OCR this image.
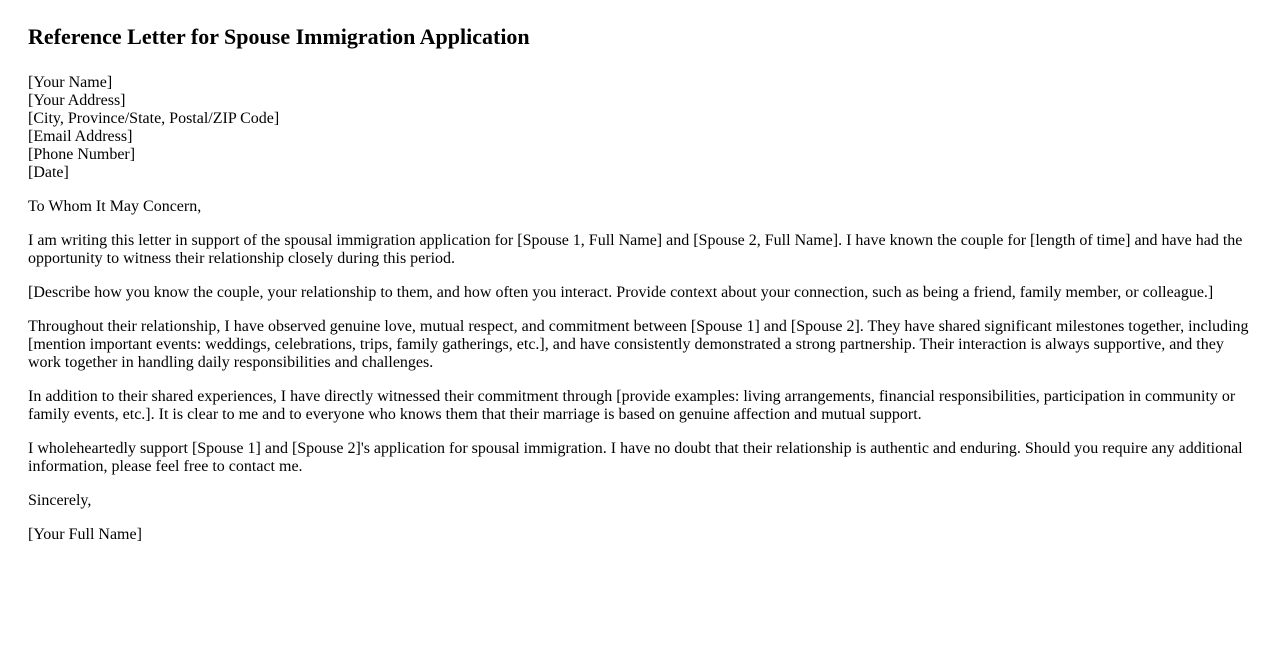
Reference Letter for Spouse Immigration Application

[Your Name]
[Your Address]
[City, Province/State, Postal/ZIP Code]
[Email Address]
[Phone Number]
[Date]

To Whom It May Concern,

I am writing this letter in support of the spousal immigration application for [Spouse 1, Full Name] and [Spouse 2, Full Name]. I have known the couple for [length of time] and have had the opportunity to witness their relationship closely during this period.

[Describe how you know the couple, your relationship to them, and how often you interact. Provide context about your connection, such as being a friend, family member, or colleague.]

Throughout their relationship, I have observed genuine love, mutual respect, and commitment between [Spouse 1] and [Spouse 2]. They have shared significant milestones together, including [mention important events: weddings, celebrations, trips, family gatherings, etc.], and have consistently demonstrated a strong partnership. Their interaction is always supportive, and they work together in handling daily responsibilities and challenges.

In addition to their shared experiences, I have directly witnessed their commitment through [provide examples: living arrangements, financial responsibilities, participation in community or family events, etc.]. It is clear to me and to everyone who knows them that their marriage is based on genuine affection and mutual support.

I wholeheartedly support [Spouse 1] and [Spouse 2]'s application for spousal immigration. I have no doubt that their relationship is authentic and enduring. Should you require any additional information, please feel free to contact me.

Sincerely,

[Your Full Name]
